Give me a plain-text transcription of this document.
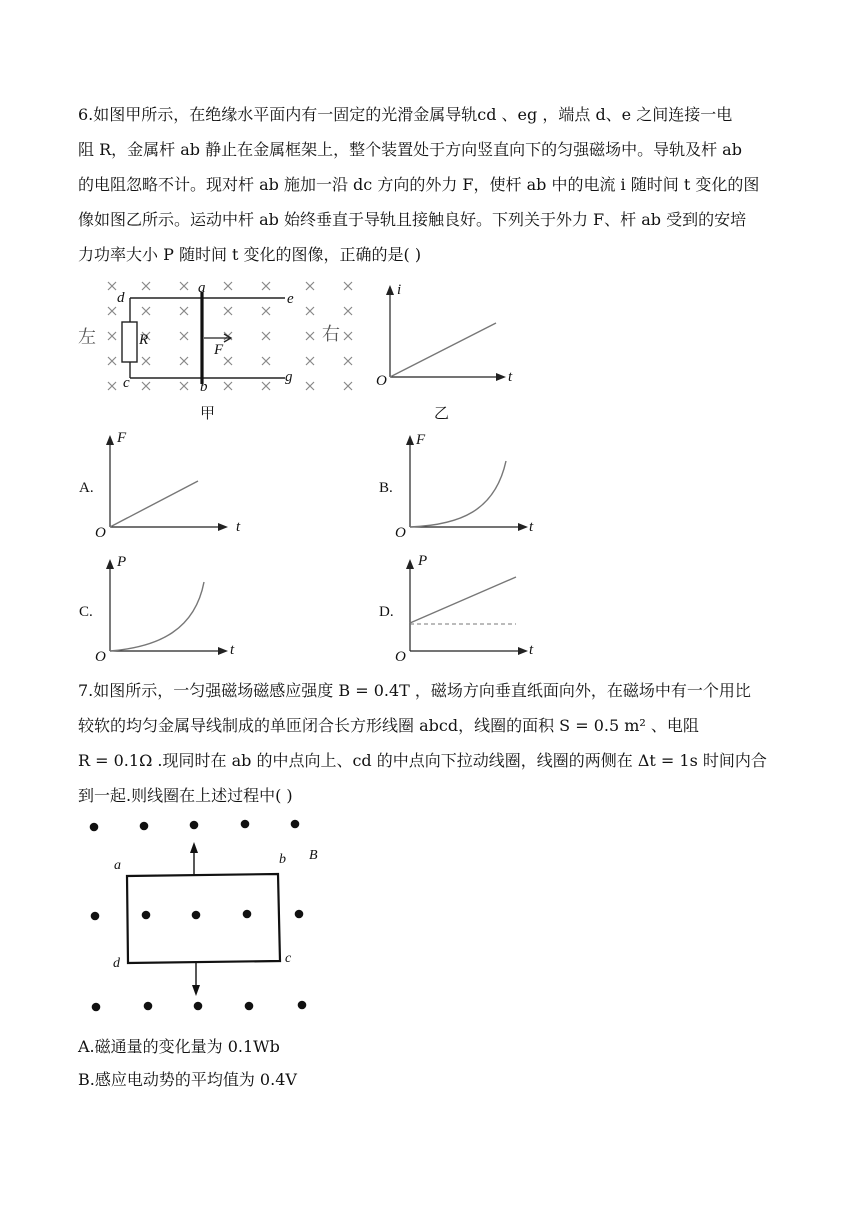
6.如图甲所示，在绝缘水平面内有一固定的光滑金属导轨cd 、eg ，端点 d、e 之间连接一电

阻 R，金属杆 ab 静止在金属框架上，整个装置处于方向竖直向下的匀强磁场中。导轨及杆 ab

的电阻忽略不计。现对杆 ab 施加一沿 dc 方向的外力 F，使杆 ab 中的电流 i 随时间 t 变化的图

像如图乙所示。运动中杆 ab 始终垂直于导轨且接触良好。下列关于外力 F、杆 ab 受到的安培

力功率大小 P 随时间 t 变化的图像，正确的是( )

左	右
d
a
e
c	b
g
R
F
甲
i
t
O
乙
A.
F
t
O
B.
F
t
O
C.
P
t
O
D.
P
t
O

7.如图所示，一匀强磁场磁感应强度 B = 0.4T ，磁场方向垂直纸面向外，在磁场中有一个用比

较软的均匀金属导线制成的单匝闭合长方形线圈 abcd，线圈的面积 S = 0.5 m² 、电阻

R = 0.1Ω .现同时在 ab 的中点向上、cd 的中点向下拉动线圈，线圈的两侧在 Δt = 1s 时间内合

到一起.则线圈在上述过程中( )

a	b
c
d
B
A.磁通量的变化量为 0.1Wb
B.感应电动势的平均值为 0.4V
